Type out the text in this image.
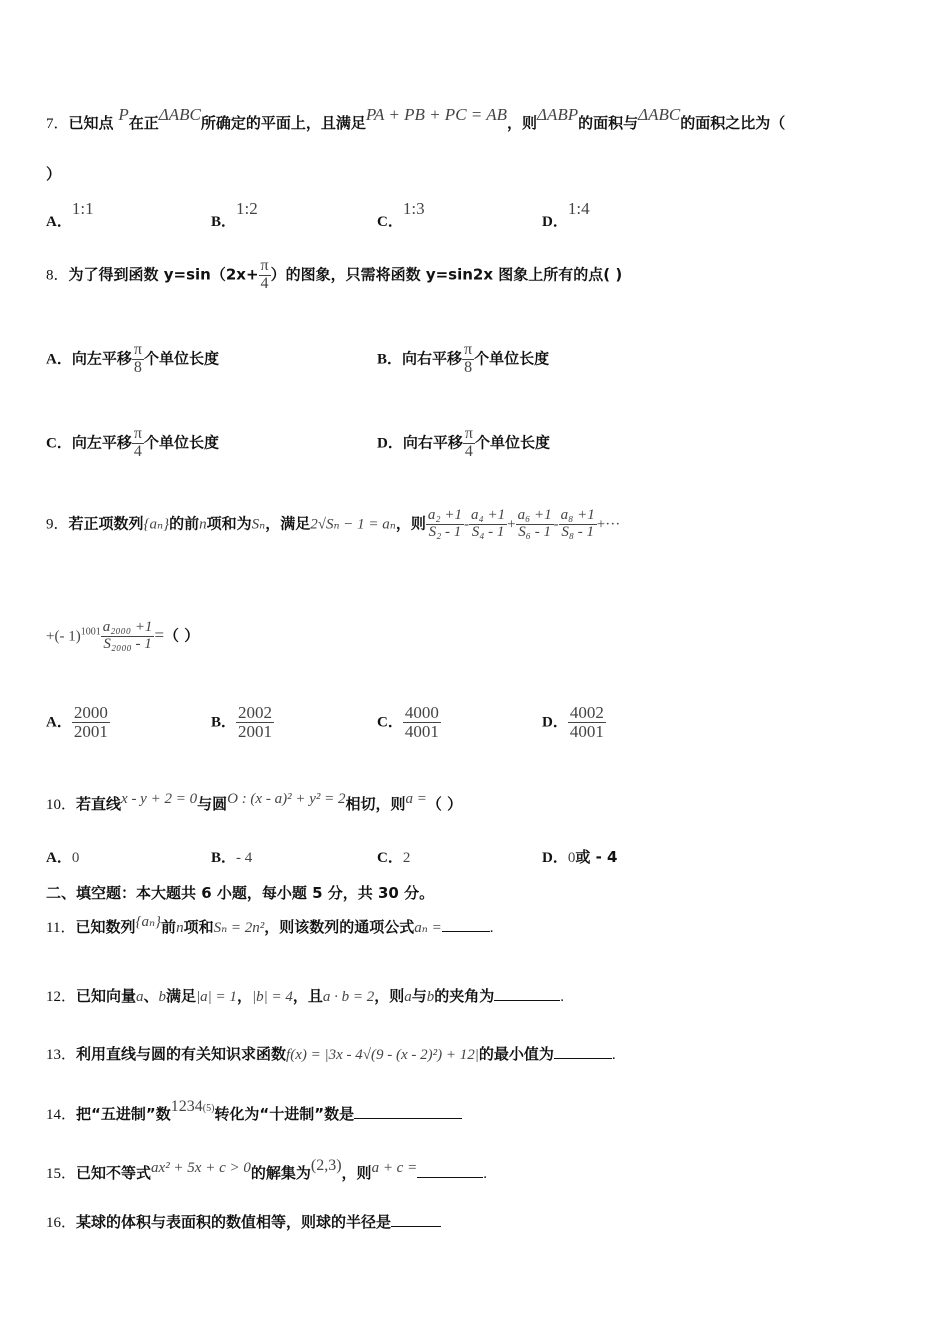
7．已知点 P在正ΔABC所确定的平面上，且满足PA + PB + PC = AB，则ΔABP的面积与ΔABC的面积之比为（
）
A．1:1
B．1:2
C．1:3
D．1:4
8．为了得到函数 $y=\sin(2x+ \frac{\pi}{4}$ ）的图象，只需将函数 y=sin2x 图象上所有的点( )
A．向左平移 $\frac{\pi}{8}$ 个单位长度	B．向右平移 $\frac{\pi}{8}$ 个单位长度
C．向左平移 $\frac{\pi}{4}$ 个单位长度	D．向右平移 $\frac{\pi}{4}$ 个单位长度
9．若正项数列{aₙ}的前n项和为Sₙ，满足2√Sₙ − 1 = aₙ，则 $\frac{\text{a₂ +1}}{\text{S₂ - 1}} - \frac{\text{a₄ +1}}{\text{S₄ - 1}} + \frac{\text{a₆ +1}}{\text{S₆ - 1}} - \frac{\text{a₈ +1}}{\text{S₈ - 1}}$ +···
+(- $1)^{1001} \frac{\text{a₂₀₀₀ +1}}{\text{S₂₀₀₀ - 1}}$ =（ ）
A． $\frac{2000}{2001}$	B． $\frac{2002}{2001}$	C． $\frac{4000}{4001}$	D． $\frac{4002}{4001}$
10．若直线x - y + 2 = 0与圆O : (x - a)² + y² = 2相切，则a =（ ）
A．0	B．- 4	C．2	D．0或 - 4
二、填空题：本大题共 6 小题，每小题 5 分，共 30 分。
11．已知数列{aₙ}前n项和Sₙ = 2n²，则该数列的通项公式aₙ =	.
12．已知向量a、b满足|a| = 1，|b| = 4，且a · b = 2，则a与b的夹角为	.
13．利用直线与圆的有关知识求函数f(x) = |3x - 4√(9 - (x - 2)²) + 12|的最小值为	.
14．把“五进制”数1234$^{(5)}$转化为“十进制”数是
15．已知不等式ax² + 5x + c > 0的解集为(2,3)，则a + c =	.
16．某球的体积与表面积的数值相等，则球的半径是
